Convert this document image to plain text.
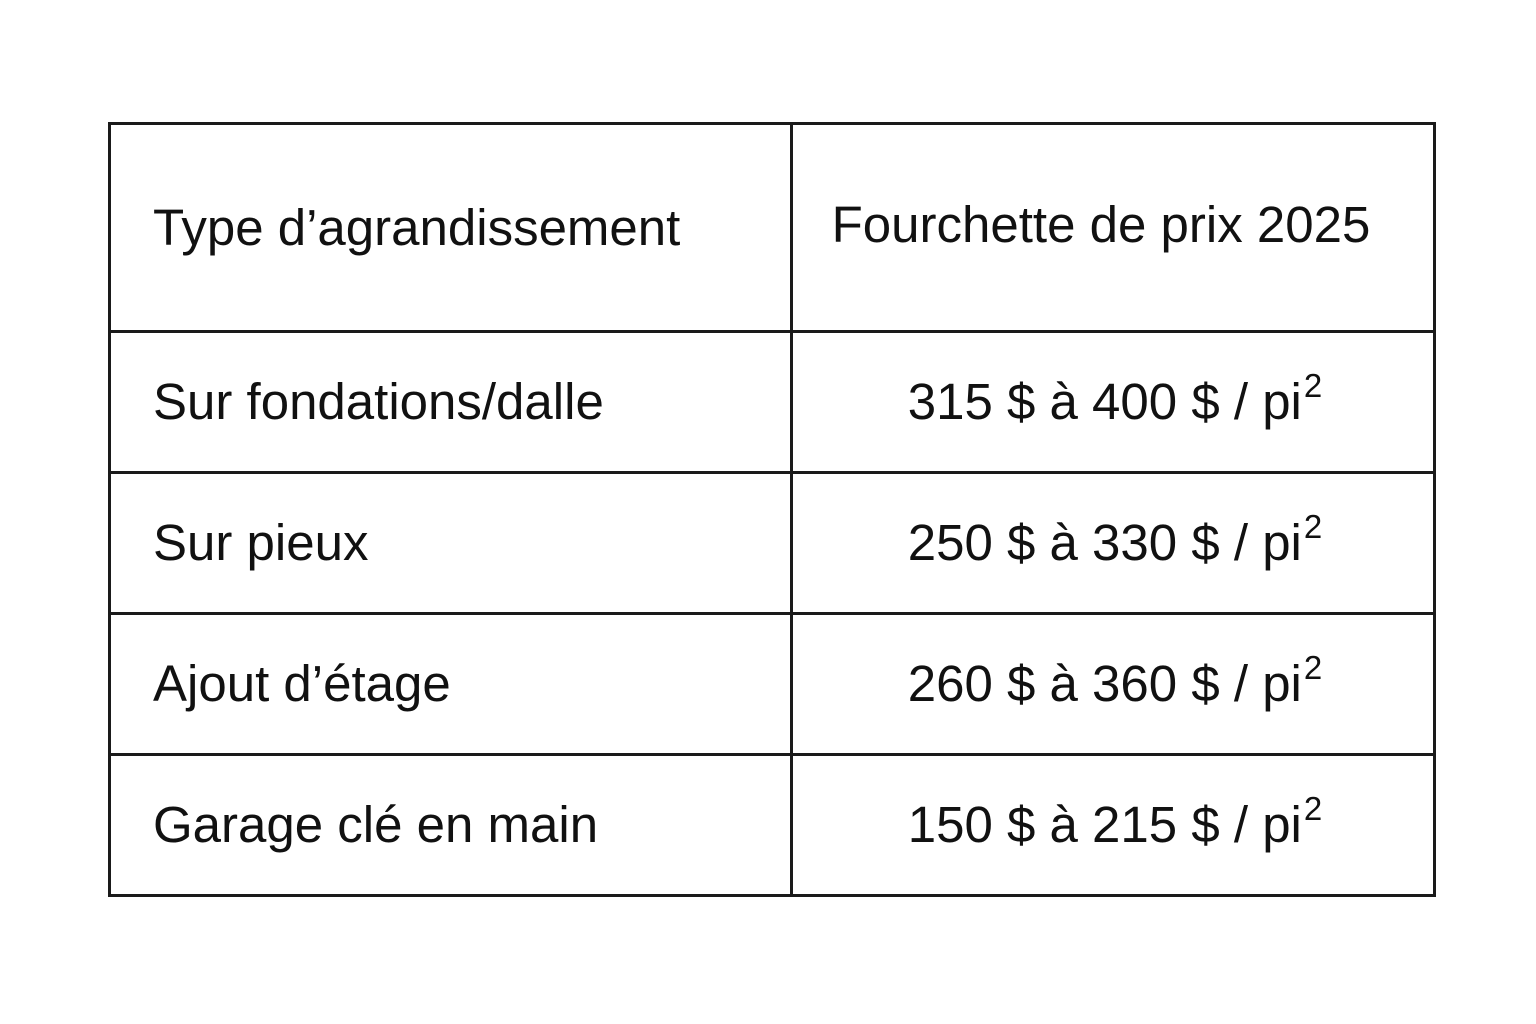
Type d’agrandissement	Fourchette de prix 2025
Sur fondations/dalle	315 $ à 400 $ / $pi^2$
Sur pieux	250 $ à 330 $ / $pi^2$
Ajout d’étage	260 $ à 360 $ / $pi^2$
Garage clé en main	150 $ à 215 $ / $pi^2$
